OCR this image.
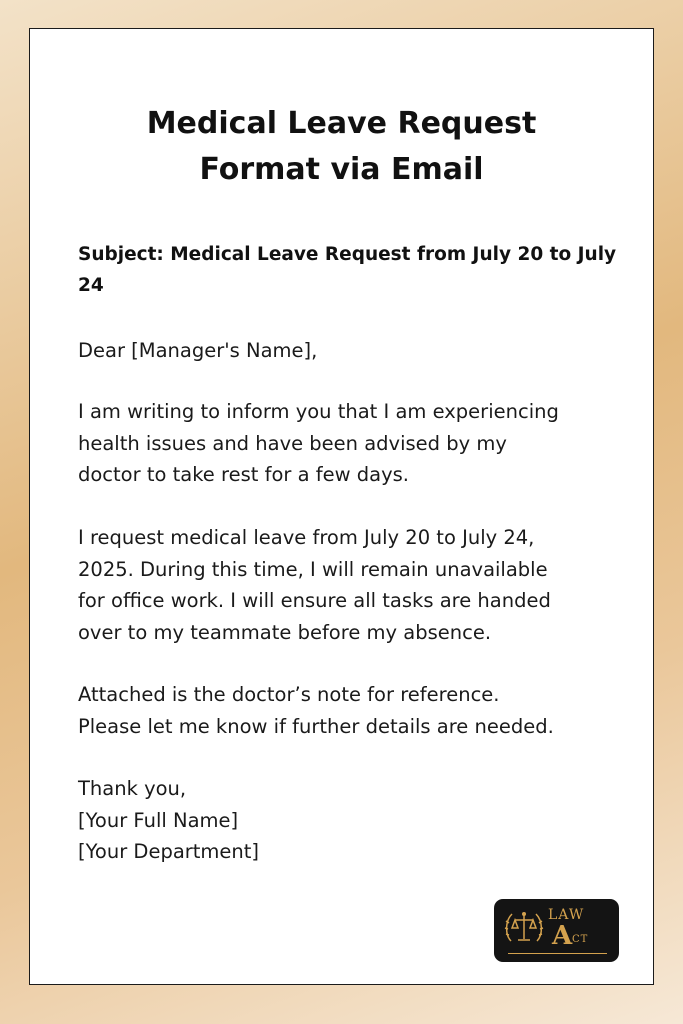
Medical Leave Request
Format via Email

Subject: Medical Leave Request from July 20 to July 24

Dear [Manager's Name],

I am writing to inform you that I am experiencing
health issues and have been advised by my
doctor to take rest for a few days.

I request medical leave from July 20 to July 24,
2025. During this time, I will remain unavailable
for office work. I will ensure all tasks are handed
over to my teammate before my absence.

Attached is the doctor’s note for reference.
Please let me know if further details are needed.

Thank you,
[Your Full Name]
[Your Department]

LAW
A CT
